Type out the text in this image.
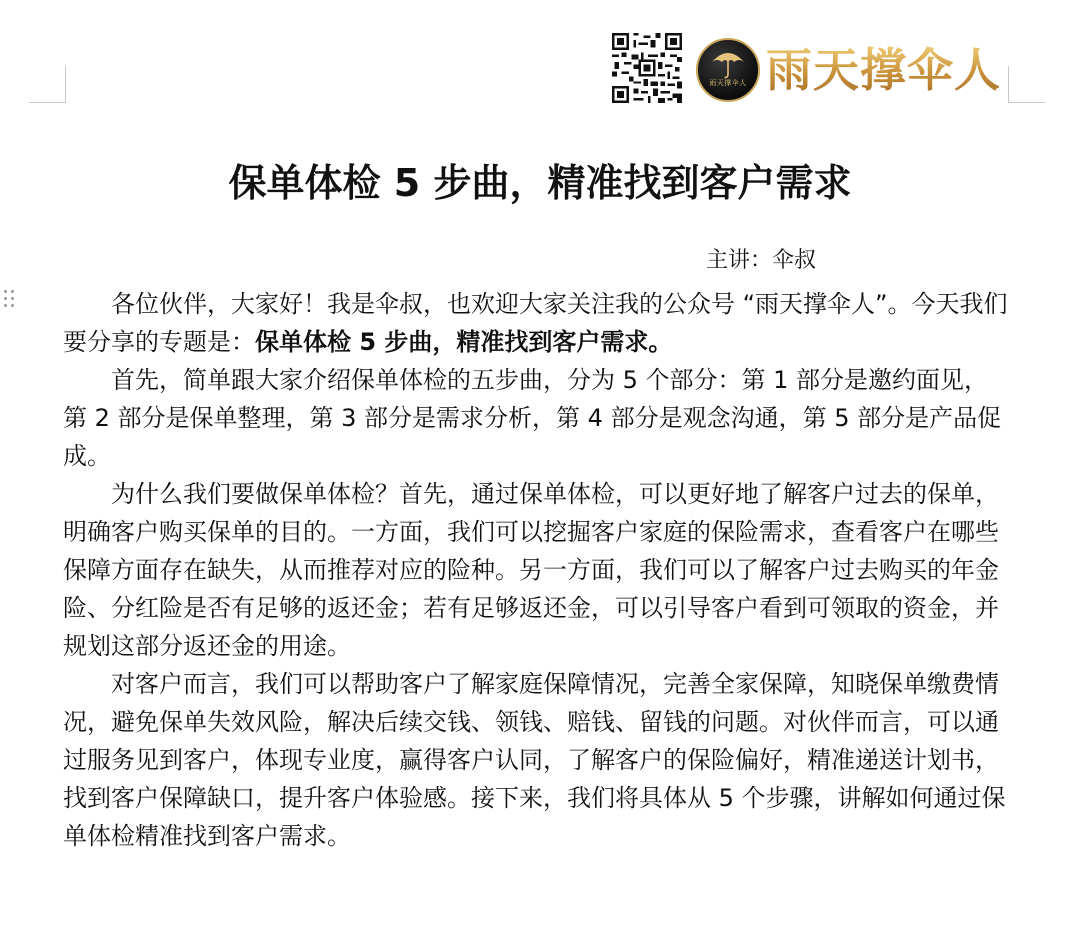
雨天撑伞人 雨天撑伞人
保单体检 5 步曲，精准找到客户需求
主讲：伞叔

各位伙伴，大家好！我是伞叔，也欢迎大家关注我的公众号 “雨天撑伞人”。今天我们要分享的专题是：保单体检 5 步曲，精准找到客户需求。

首先，简单跟大家介绍保单体检的五步曲，分为 5 个部分：第 1 部分是邀约面见，第 2 部分是保单整理，第 3 部分是需求分析，第 4 部分是观念沟通，第 5 部分是产品促成。

为什么我们要做保单体检？首先，通过保单体检，可以更好地了解客户过去的保单，明确客户购买保单的目的。一方面，我们可以挖掘客户家庭的保险需求，查看客户在哪些保障方面存在缺失，从而推荐对应的险种。另一方面，我们可以了解客户过去购买的年金险、分红险是否有足够的返还金；若有足够返还金，可以引导客户看到可领取的资金，并规划这部分返还金的用途。

对客户而言，我们可以帮助客户了解家庭保障情况，完善全家保障，知晓保单缴费情况，避免保单失效风险，解决后续交钱、领钱、赔钱、留钱的问题。对伙伴而言，可以通过服务见到客户，体现专业度，赢得客户认同，了解客户的保险偏好，精准递送计划书，找到客户保障缺口，提升客户体验感。接下来，我们将具体从 5 个步骤，讲解如何通过保单体检精准找到客户需求。
